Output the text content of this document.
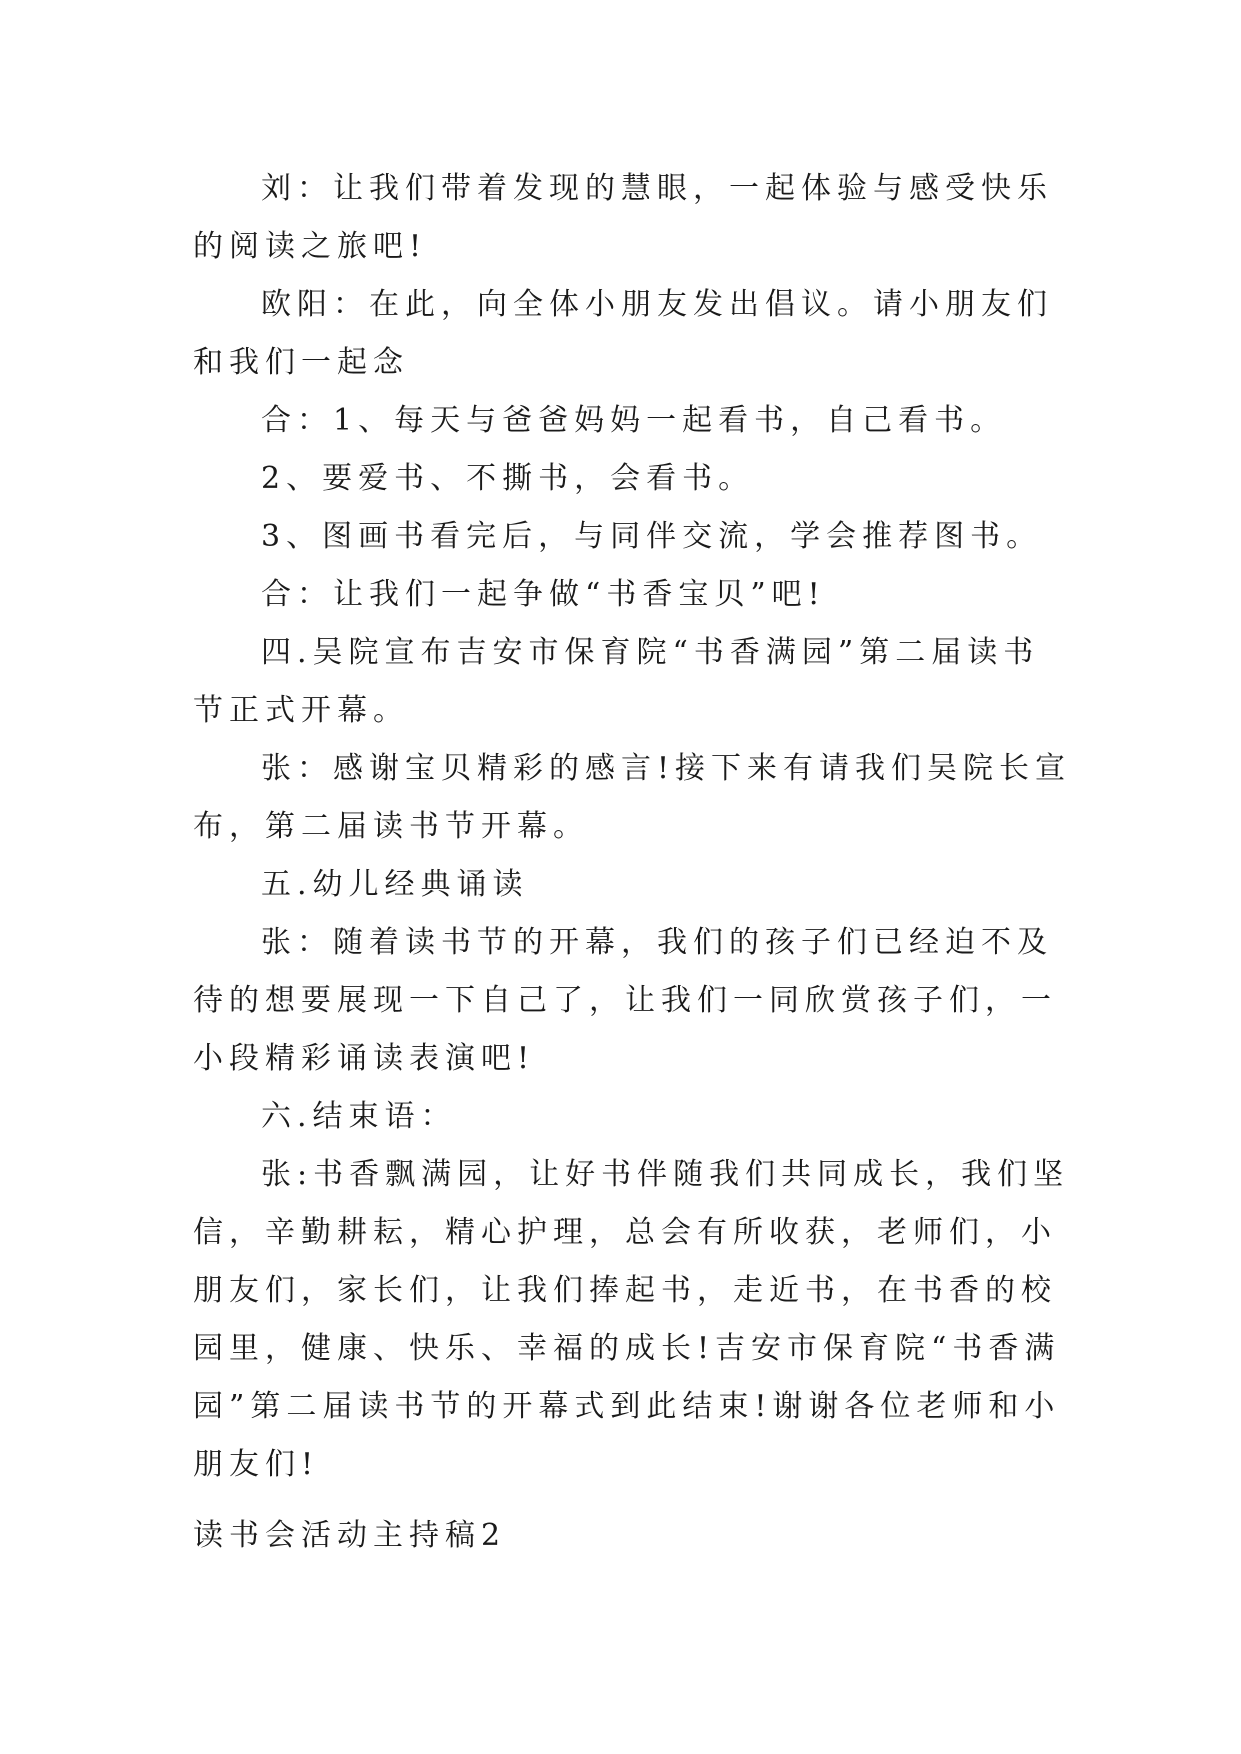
刘：让我们带着发现的慧眼，一起体验与感受快乐的阅读之旅吧!

欧阳：在此，向全体小朋友发出倡议。请小朋友们和我们一起念

合：1、每天与爸爸妈妈一起看书，自己看书。

2、要爱书、不撕书，会看书。

3、图画书看完后，与同伴交流，学会推荐图书。

合：让我们一起争做“书香宝贝”吧!

四.吴院宣布吉安市保育院“书香满园”第二届读书节正式开幕。

张：感谢宝贝精彩的感言!接下来有请我们吴院长宣布，第二届读书节开幕。

五.幼儿经典诵读

张：随着读书节的开幕，我们的孩子们已经迫不及待的想要展现一下自己了，让我们一同欣赏孩子们，一小段精彩诵读表演吧!

六.结束语：

张:书香飘满园，让好书伴随我们共同成长，我们坚信，辛勤耕耘，精心护理，总会有所收获，老师们，小朋友们，家长们，让我们捧起书，走近书，在书香的校园里，健康、快乐、幸福的成长!吉安市保育院“书香满园”第二届读书节的开幕式到此结束!谢谢各位老师和小朋友们!

读书会活动主持稿2
